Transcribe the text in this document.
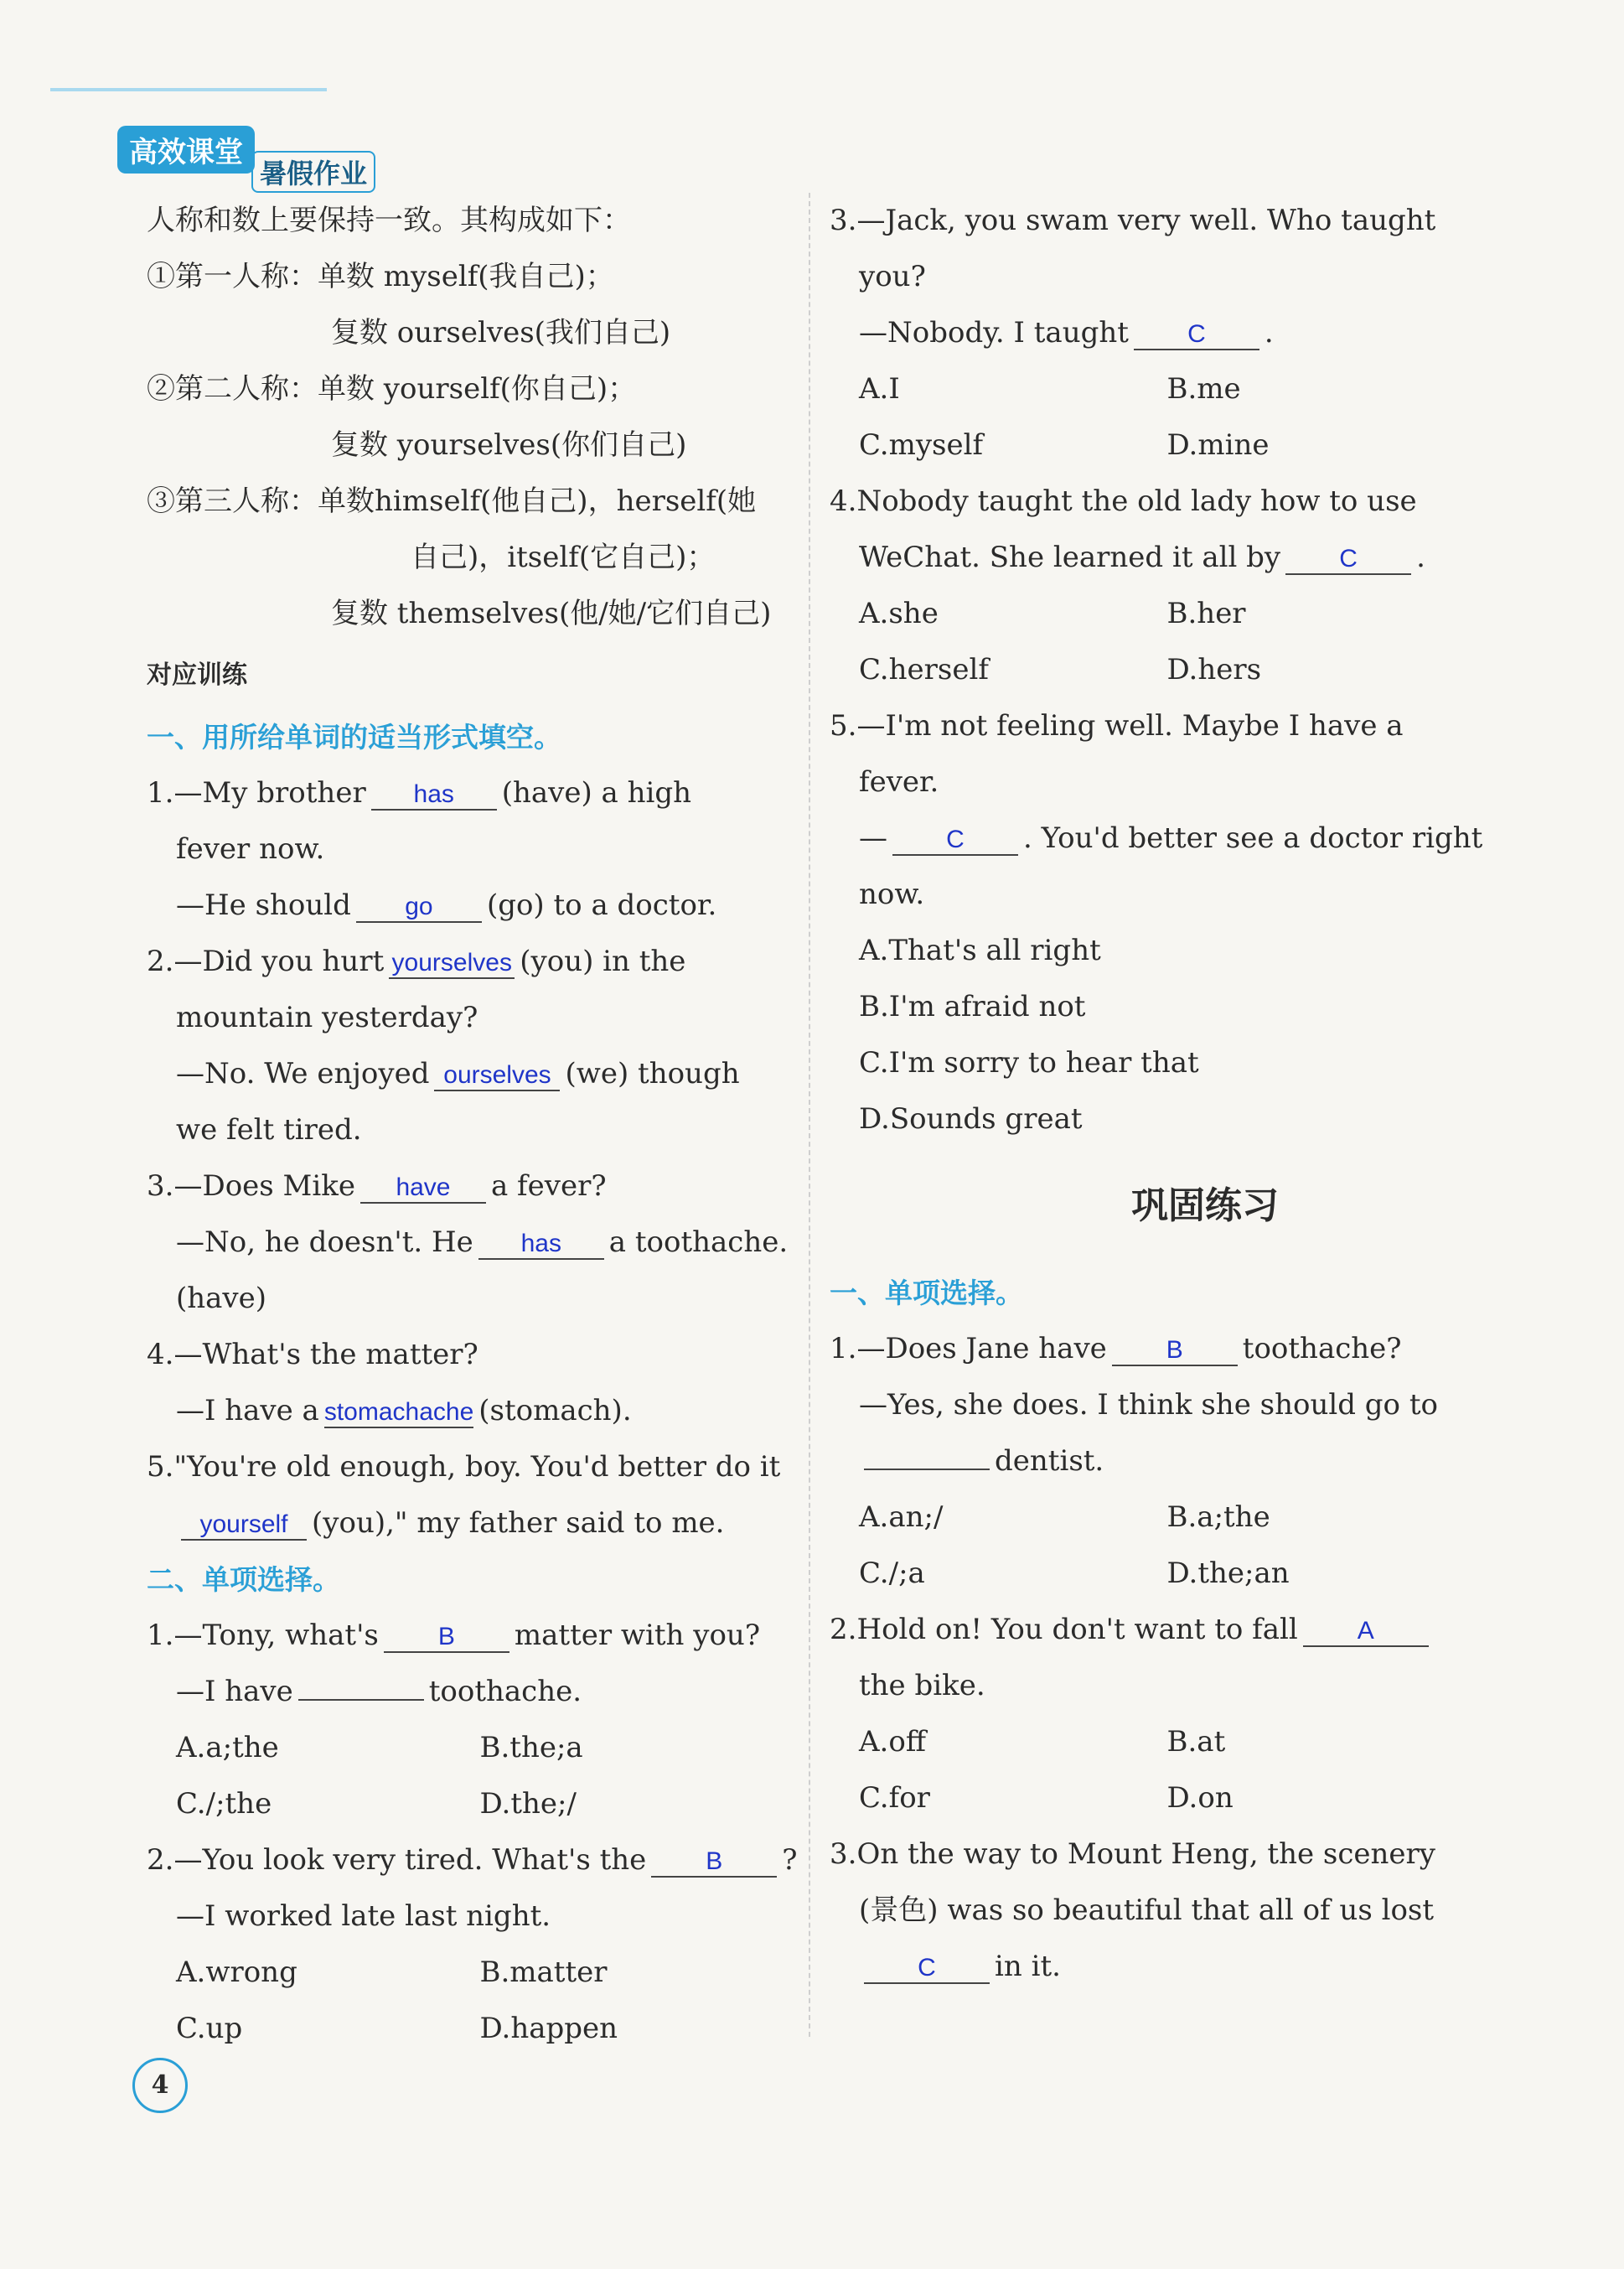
高效课堂
暑假作业
人称和数上要保持一致。其构成如下：
①第一人称：单数 myself(我自己)；
复数 ourselves(我们自己)
②第二人称：单数 yourself(你自己)；
复数 yourselves(你们自己)
③第三人称：单数himself(他自己)，herself(她
自己)，itself(它自己)；
复数 themselves(他/她/它们自己)
对应训练
一、用所给单词的适当形式填空。
1.—My brother has (have) a high
fever now.
—He should go (go) to a doctor.
2.—Did you hurt yourselves (you) in the
mountain yesterday?
—No. We enjoyed ourselves (we) though
we felt tired.
3.—Does Mike have a fever?
—No, he doesn't. He has a toothache.
(have)
4.—What's the matter?
—I have a stomachache (stomach).
5."You're old enough, boy. You'd better do it
yourself (you)," my father said to me.
二、单项选择。
1.—Tony, what's B matter with you?
—I have	toothache.
A.a;the	B.the;a
C./;the	D.the;/
2.—You look very tired. What's the B ?
—I worked late last night.
A.wrong	B.matter
C.up	D.happen
3.—Jack, you swam very well. Who taught
you?
—Nobody. I taught C .
A.I	B.me
C.myself	D.mine
4.Nobody taught the old lady how to use
WeChat. She learned it all by C .
A.she	B.her
C.herself	D.hers
5.—I'm not feeling well. Maybe I have a
fever.
— C . You'd better see a doctor right
now.
A.That's all right
B.I'm afraid not
C.I'm sorry to hear that
D.Sounds great
巩固练习
一、单项选择。
1.—Does Jane have B toothache?
—Yes, she does. I think she should go to
dentist.
A.an;/	B.a;the
C./;a	D.the;an
2.Hold on! You don't want to fall A
the bike.
A.off	B.at
C.for	D.on
3.On the way to Mount Heng, the scenery
(景色) was so beautiful that all of us lost
C in it.
4
